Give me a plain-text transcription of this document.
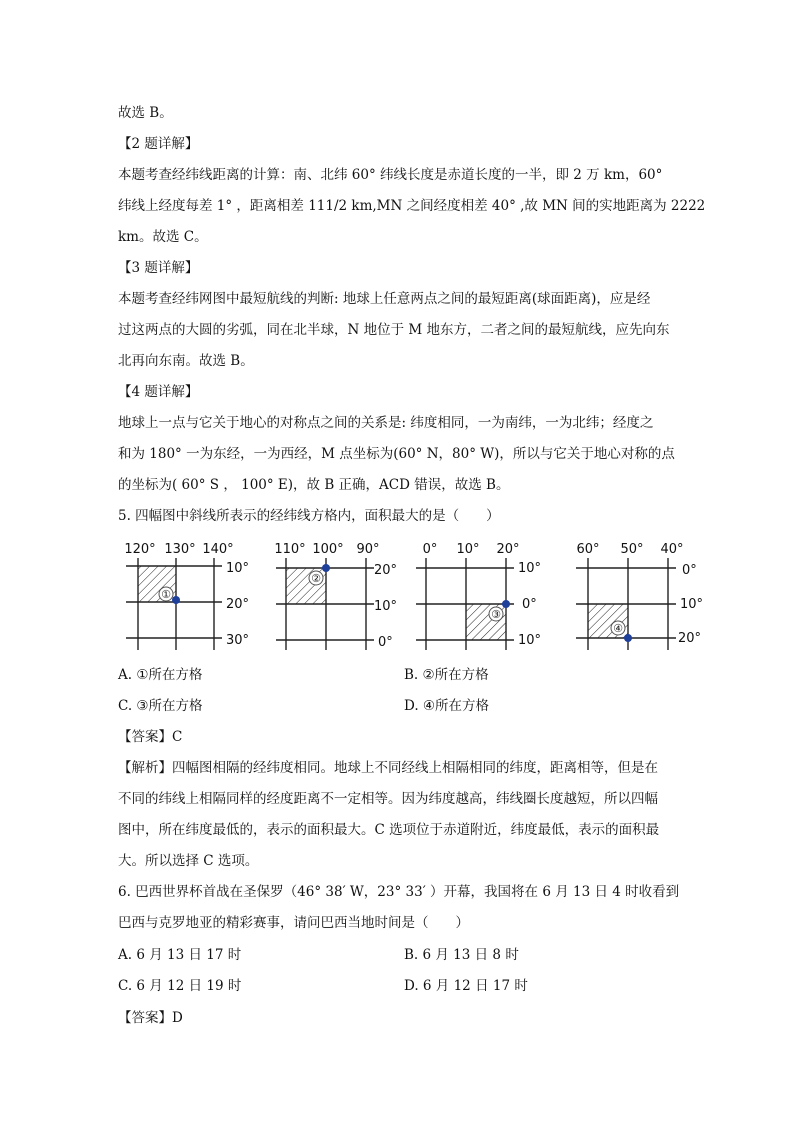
故选 B。
【2 题详解】
本题考查经纬线距离的计算：南、北纬 60° 纬线长度是赤道长度的一半，即 2 万 km，60°
纬线上经度每差 1° ，距离相差 111/2 km,MN 之间经度相差 40° ,故 MN 间的实地距离为 2222
km。故选 C。
【3 题详解】
本题考查经纬网图中最短航线的判断: 地球上任意两点之间的最短距离(球面距离)，应是经
过这两点的大圆的劣弧，同在北半球，N 地位于 M 地东方，二者之间的最短航线，应先向东
北再向东南。故选 B。
【4 题详解】
地球上一点与它关于地心的对称点之间的关系是: 纬度相同，一为南纬，一为北纬；经度之
和为 180° 一为东经，一为西经，M 点坐标为(60° N，80° W)，所以与它关于地心对称的点
的坐标为( 60° S ， 100° E)，故 B 正确，ACD 错误，故选 B。
5. 四幅图中斜线所表示的经纬线方格内，面积最大的是（　　）
120° 130° 140°
10°
20°
30°
①
110° 100° 90°
20°
10°
0°
②
0° 10° 20°
10°
0°
10°
③
60° 50° 40°
0°
10°
20°
④
A. ①所在方格	B. ②所在方格
C. ③所在方格	D. ④所在方格
【答案】C
【解析】四幅图相隔的经纬度相同。地球上不同经线上相隔相同的纬度，距离相等，但是在
不同的纬线上相隔同样的经度距离不一定相等。因为纬度越高，纬线圈长度越短，所以四幅
图中，所在纬度最低的，表示的面积最大。C 选项位于赤道附近，纬度最低，表示的面积最
大。所以选择 C 选项。
6. 巴西世界杯首战在圣保罗（46° 38′ W，23° 33′ ）开幕，我国将在 6 月 13 日 4 时收看到
巴西与克罗地亚的精彩赛事，请问巴西当地时间是（　　）
A. 6 月 13 日 17 时	B. 6 月 13 日 8 时
C. 6 月 12 日 19 时	D. 6 月 12 日 17 时
【答案】D
